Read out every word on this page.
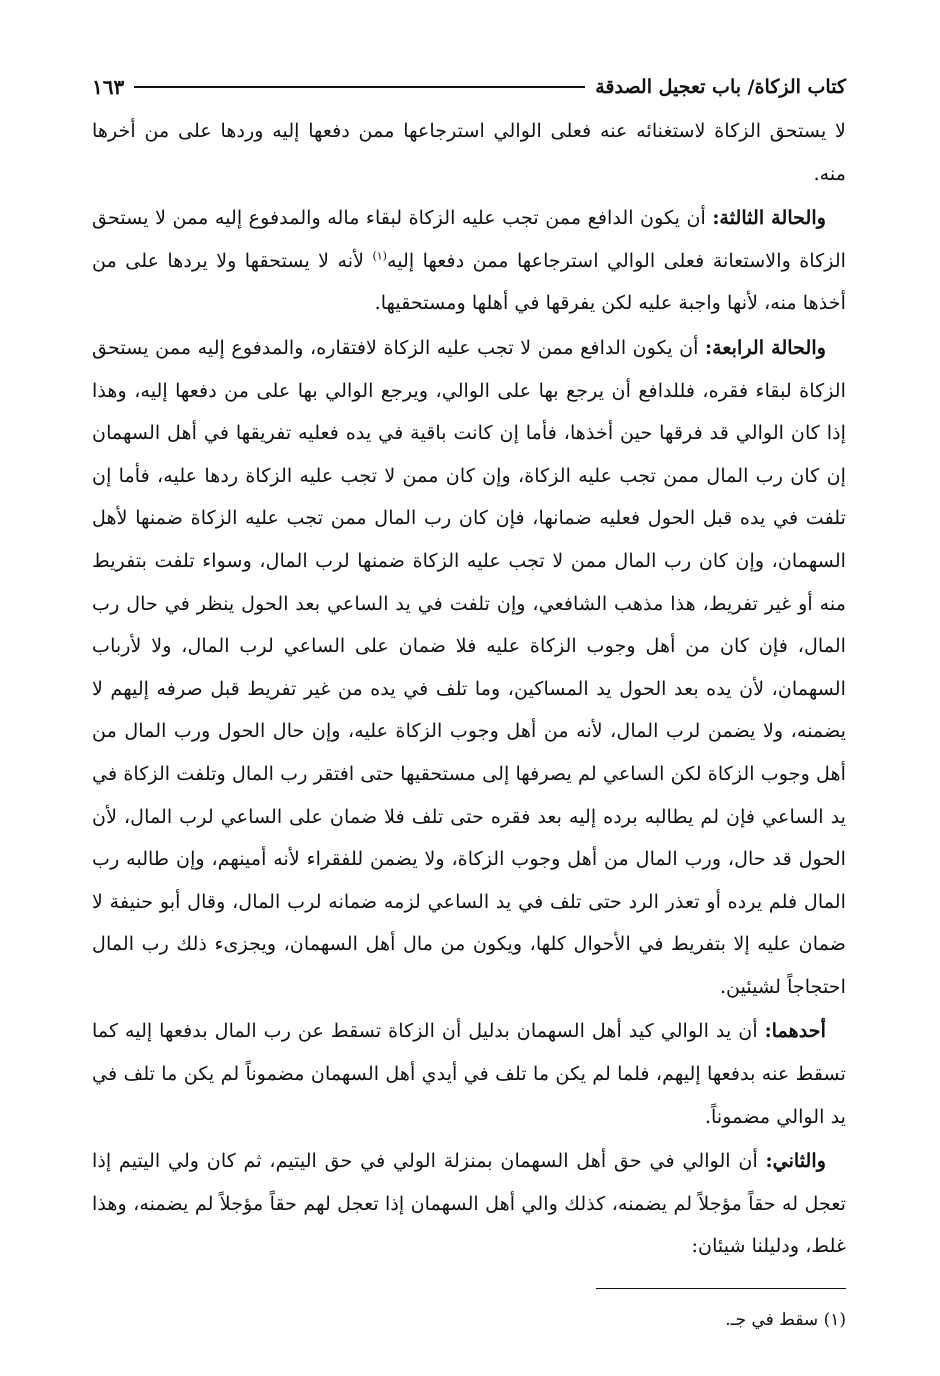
كتاب الزكاة/ باب تعجيل الصدقة
١٦٣

لا يستحق الزكاة لاستغنائه عنه فعلى الوالي استرجاعها ممن دفعها إليه وردها على من أخرها منه.

والحالة الثالثة: أن يكون الدافع ممن تجب عليه الزكاة لبقاء ماله والمدفوع إليه ممن لا يستحق الزكاة والاستعانة فعلى الوالي استرجاعها ممن دفعها إليه$^{(١)}$ لأنه لا يستحقها ولا يردها على من أخذها منه، لأنها واجبة عليه لكن يفرقها في أهلها ومستحقيها.

والحالة الرابعة: أن يكون الدافع ممن لا تجب عليه الزكاة لافتقاره، والمدفوع إليه ممن يستحق الزكاة لبقاء فقره، فللدافع أن يرجع بها على الوالي، ويرجع الوالي بها على من دفعها إليه، وهذا إذا كان الوالي قد فرقها حين أخذها، فأما إن كانت باقية في يده فعليه تفريقها في أهل السهمان إن كان رب المال ممن تجب عليه الزكاة، وإن كان ممن لا تجب عليه الزكاة ردها عليه، فأما إن تلفت في يده قبل الحول فعليه ضمانها، فإن كان رب المال ممن تجب عليه الزكاة ضمنها لأهل السهمان، وإن كان رب المال ممن لا تجب عليه الزكاة ضمنها لرب المال، وسواء تلفت بتفريط منه أو غير تفريط، هذا مذهب الشافعي، وإن تلفت في يد الساعي بعد الحول ينظر في حال رب المال، فإن كان من أهل وجوب الزكاة عليه فلا ضمان على الساعي لرب المال، ولا لأرباب السهمان، لأن يده بعد الحول يد المساكين، وما تلف في يده من غير تفريط قبل صرفه إليهم لا يضمنه، ولا يضمن لرب المال، لأنه من أهل وجوب الزكاة عليه، وإن حال الحول ورب المال من أهل وجوب الزكاة لكن الساعي لم يصرفها إلى مستحقيها حتى افتقر رب المال وتلفت الزكاة في يد الساعي فإن لم يطالبه برده إليه بعد فقره حتى تلف فلا ضمان على الساعي لرب المال، لأن الحول قد حال، ورب المال من أهل وجوب الزكاة، ولا يضمن للفقراء لأنه أمينهم، وإن طالبه رب المال فلم يرده أو تعذر الرد حتى تلف في يد الساعي لزمه ضمانه لرب المال، وقال أبو حنيفة لا ضمان عليه إلا بتفريط في الأحوال كلها، ويكون من مال أهل السهمان، ويجزىء ذلك رب المال احتجاجاً لشيئين.

أحدهما: أن يد الوالي كيد أهل السهمان بدليل أن الزكاة تسقط عن رب المال بدفعها إليه كما تسقط عنه بدفعها إليهم، فلما لم يكن ما تلف في أيدي أهل السهمان مضموناً لم يكن ما تلف في يد الوالي مضموناً.

والثاني: أن الوالي في حق أهل السهمان بمنزلة الولي في حق اليتيم، ثم كان ولي اليتيم إذا تعجل له حقاً مؤجلاً لم يضمنه، كذلك والي أهل السهمان إذا تعجل لهم حقاً مؤجلاً لم يضمنه، وهذا غلط، ودليلنا شيئان:

(١) سقط في جـ.
